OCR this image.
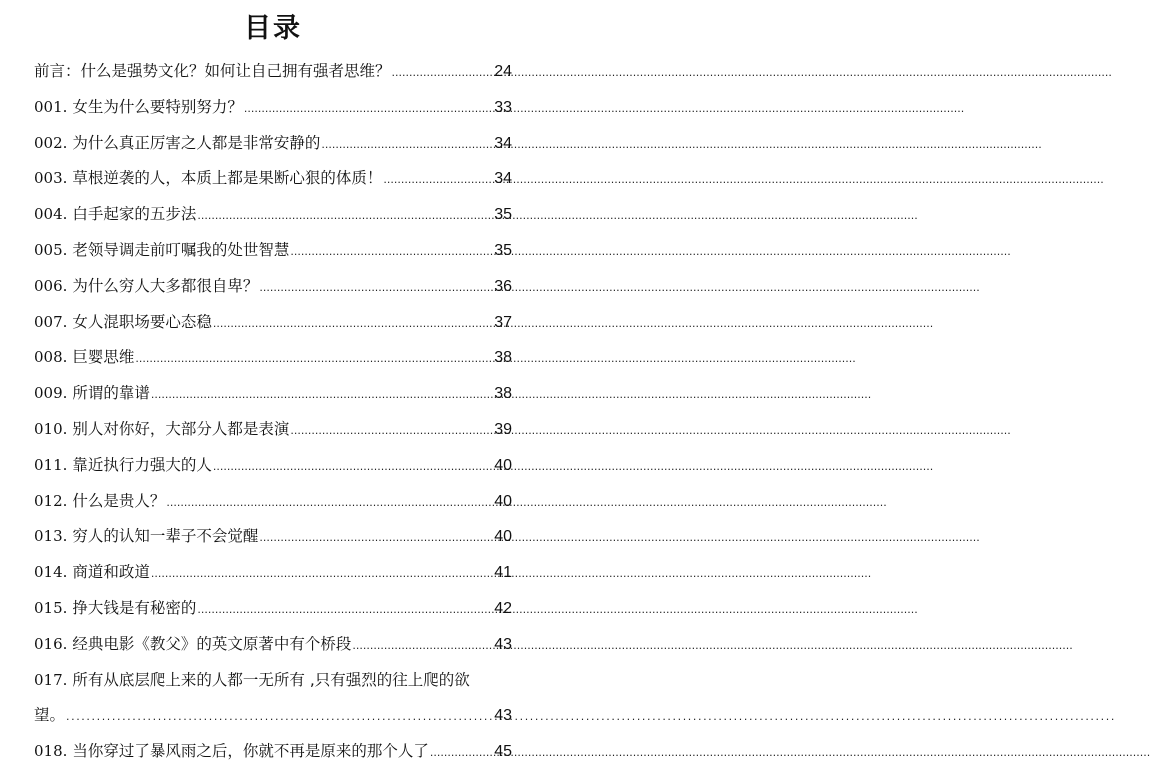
目录
前言：什么是强势文化？如何让自己拥有强者思维？ .....	24
001. 女生为什么要特别努力？ .....	33
002. 为什么真正厉害之人都是非常安静的 .....	34
003. 草根逆袭的人，本质上都是果断心狠的体质！ .....	34
004. 白手起家的五步法 .....	35
005. 老领导调走前叮嘱我的处世智慧 .....	35
006. 为什么穷人大多都很自卑？ .....	36
007. 女人混职场要心态稳 .....	37
008. 巨婴思维 .....	38
009. 所谓的靠谱 .....	38
010. 别人对你好，大部分人都是表演 .....	39
011. 靠近执行力强大的人 .....	40
012. 什么是贵人？ .....	40
013. 穷人的认知一辈子不会觉醒 .....	40
014. 商道和政道 .....	41
015. 挣大钱是有秘密的 .....	42
016. 经典电影《教父》的英文原著中有个桥段 .....	43
017. 所有从底层爬上来的人都一无所有 ,只有强烈的往上爬的欲
望。 .....	43
018. 当你穿过了暴风雨之后，你就不再是原来的那个人了 .....	45
